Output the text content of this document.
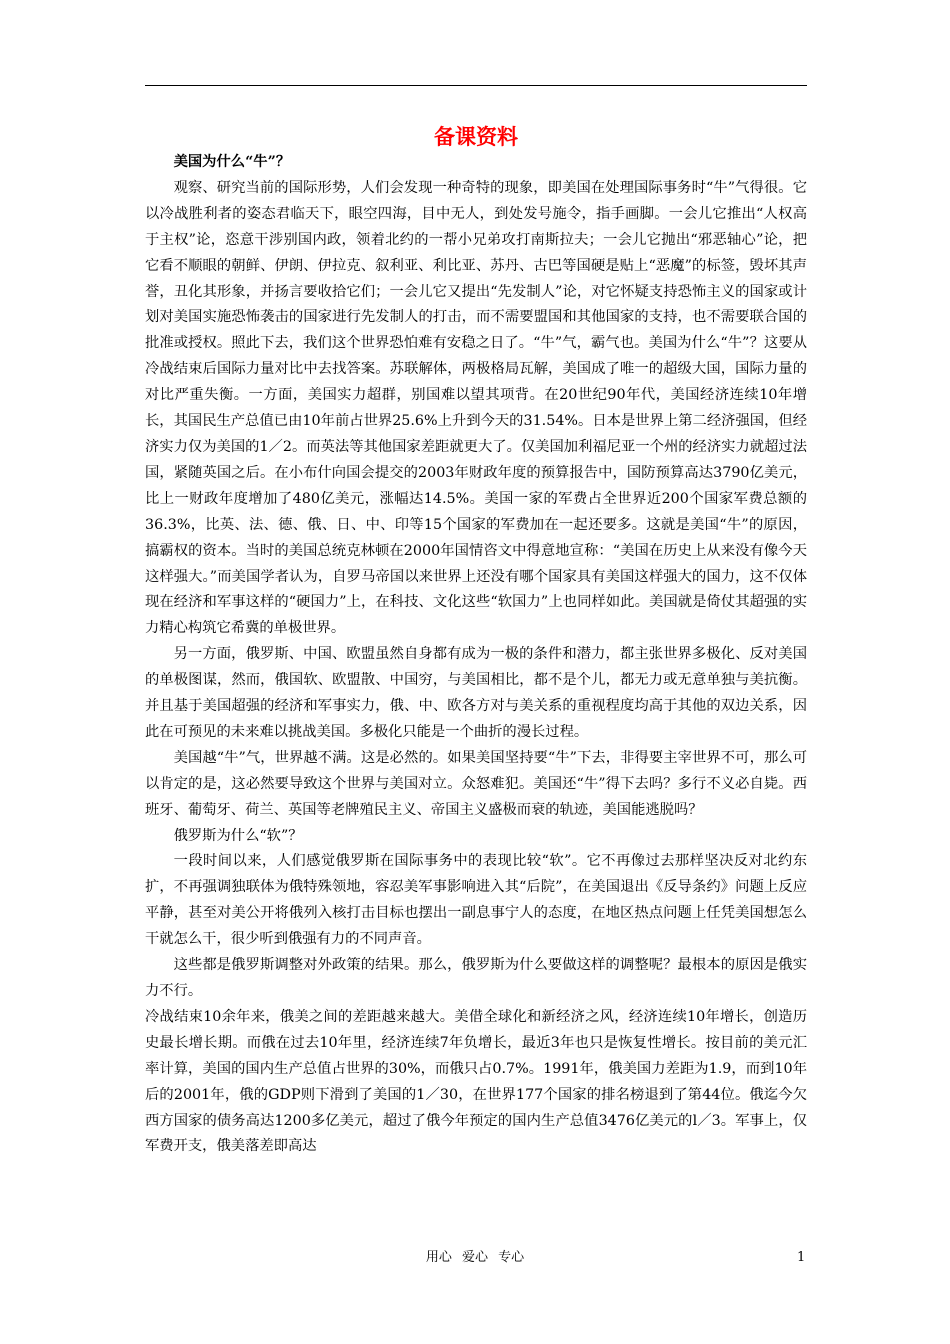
备课资料

美国为什么“牛”？

观察、研究当前的国际形势，人们会发现一种奇特的现象，即美国在处理国际事务时“牛”气得很。它以冷战胜利者的姿态君临天下，眼空四海，目中无人，到处发号施令，指手画脚。一会儿它推出“人权高于主权”论，恣意干涉别国内政，领着北约的一帮小兄弟攻打南斯拉夫；一会儿它抛出“邪恶轴心”论，把它看不顺眼的朝鲜、伊朗、伊拉克、叙利亚、利比亚、苏丹、古巴等国硬是贴上“恶魔”的标签，毁坏其声誉，丑化其形象，并扬言要收拾它们；一会儿它又提出“先发制人”论，对它怀疑支持恐怖主义的国家或计划对美国实施恐怖袭击的国家进行先发制人的打击，而不需要盟国和其他国家的支持，也不需要联合国的批准或授权。照此下去，我们这个世界恐怕难有安稳之日了。“牛”气，霸气也。美国为什么“牛”？这要从冷战结束后国际力量对比中去找答案。苏联解体，两极格局瓦解，美国成了唯一的超级大国，国际力量的对比严重失衡。一方面，美国实力超群，别国难以望其项背。在20世纪90年代，美国经济连续10年增长，其国民生产总值已由10年前占世界25.6%上升到今天的31.54%。日本是世界上第二经济强国，但经济实力仅为美国的1／2。而英法等其他国家差距就更大了。仅美国加利福尼亚一个州的经济实力就超过法国，紧随英国之后。在小布什向国会提交的2003年财政年度的预算报告中，国防预算高达3790亿美元，比上一财政年度增加了480亿美元，涨幅达14.5%。美国一家的军费占全世界近200个国家军费总额的36.3%，比英、法、德、俄、日、中、印等15个国家的军费加在一起还要多。这就是美国“牛”的原因，搞霸权的资本。当时的美国总统克林顿在2000年国情咨文中得意地宣称：“美国在历史上从来没有像今天这样强大。”而美国学者认为，自罗马帝国以来世界上还没有哪个国家具有美国这样强大的国力，这不仅体现在经济和军事这样的“硬国力”上，在科技、文化这些“软国力”上也同样如此。美国就是倚仗其超强的实力精心构筑它希冀的单极世界。

另一方面，俄罗斯、中国、欧盟虽然自身都有成为一极的条件和潜力，都主张世界多极化、反对美国的单极图谋，然而，俄国软、欧盟散、中国穷，与美国相比，都不是个儿，都无力或无意单独与美抗衡。并且基于美国超强的经济和军事实力，俄、中、欧各方对与美关系的重视程度均高于其他的双边关系，因此在可预见的未来难以挑战美国。多极化只能是一个曲折的漫长过程。

美国越“牛”气，世界越不满。这是必然的。如果美国坚持要“牛”下去，非得要主宰世界不可，那么可以肯定的是，这必然要导致这个世界与美国对立。众怒难犯。美国还“牛”得下去吗？多行不义必自毙。西班牙、葡萄牙、荷兰、英国等老牌殖民主义、帝国主义盛极而衰的轨迹，美国能逃脱吗？

俄罗斯为什么“软”？

一段时间以来，人们感觉俄罗斯在国际事务中的表现比较“软”。它不再像过去那样坚决反对北约东扩，不再强调独联体为俄特殊领地，容忍美军事影响进入其“后院”，在美国退出《反导条约》问题上反应平静，甚至对美公开将俄列入核打击目标也摆出一副息事宁人的态度，在地区热点问题上任凭美国想怎么干就怎么干，很少听到俄强有力的不同声音。

这些都是俄罗斯调整对外政策的结果。那么，俄罗斯为什么要做这样的调整呢？最根本的原因是俄实力不行。

冷战结束10余年来，俄美之间的差距越来越大。美借全球化和新经济之风，经济连续10年增长，创造历史最长增长期。而俄在过去10年里，经济连续7年负增长，最近3年也只是恢复性增长。按目前的美元汇率计算，美国的国内生产总值占世界的30%，而俄只占0.7%。1991年，俄美国力差距为1.9，而到10年后的2001年，俄的GDP则下滑到了美国的1／30，在世界177个国家的排名榜退到了第44位。俄迄今欠西方国家的债务高达1200多亿美元，超过了俄今年预定的国内生产总值3476亿美元的l／3。军事上，仅军费开支，俄美落差即高达

用心 爱心 专心	1
